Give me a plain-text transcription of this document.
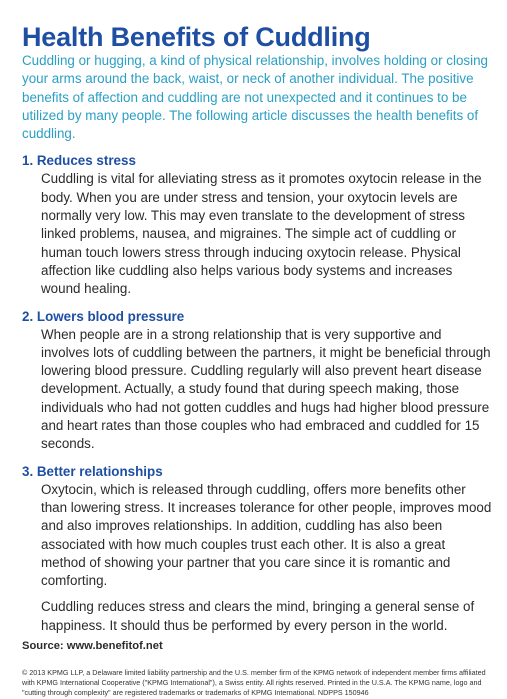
Health Benefits of Cuddling

Cuddling or hugging, a kind of physical relationship, involves holding or closing your arms around the back, waist, or neck of another individual. The positive benefits of affection and cuddling are not unexpected and it continues to be utilized by many people. The following article discusses the health benefits of cuddling.

1. Reduces stress

Cuddling is vital for alleviating stress as it promotes oxytocin release in the body. When you are under stress and tension, your oxytocin levels are normally very low. This may even translate to the development of stress linked problems, nausea, and migraines. The simple act of cuddling or human touch lowers stress through inducing oxytocin release. Physical affection like cuddling also helps various body systems and increases wound healing.

2. Lowers blood pressure

When people are in a strong relationship that is very supportive and involves lots of cuddling between the partners, it might be beneficial through lowering blood pressure. Cuddling regularly will also prevent heart disease development. Actually, a study found that during speech making, those individuals who had not gotten cuddles and hugs had higher blood pressure and heart rates than those couples who had embraced and cuddled for 15 seconds.

3. Better relationships

Oxytocin, which is released through cuddling, offers more benefits other than lowering stress. It increases tolerance for other people, improves mood and also improves relationships. In addition, cuddling has also been associated with how much couples trust each other. It is also a great method of showing your partner that you care since it is romantic and comforting.

Cuddling reduces stress and clears the mind, bringing a general sense of happiness. It should thus be performed by every person in the world.

Source: www.benefitof.net

© 2013 KPMG LLP, a Delaware limited liability partnership and the U.S. member firm of the KPMG network of independent member firms affiliated with KPMG International Cooperative ("KPMG International"), a Swiss entity. All rights reserved. Printed in the U.S.A. The KPMG name, logo and "cutting through complexity" are registered trademarks or trademarks of KPMG International. NDPPS 150946
